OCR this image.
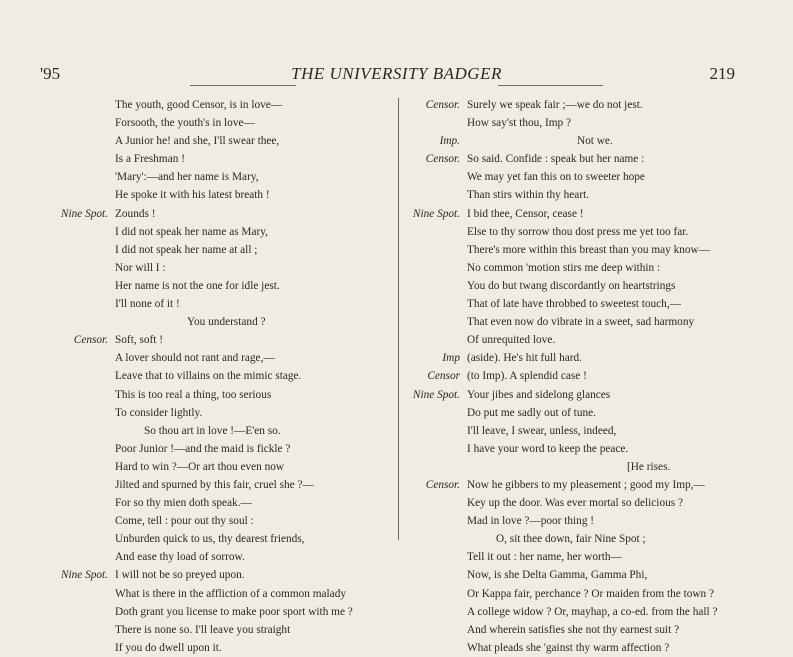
'95	THE UNIVERSITY BADGER	219
The youth, good Censor, is in love—
Forsooth, the youth's in love—
A Junior he! and she, I'll swear thee,
Is a Freshman !
'Mary':—and her name is Mary,
He spoke it with his latest breath !
Nine Spot. Zounds !
I did not speak her name as Mary,
I did not speak her name at all ;
Nor will I :
Her name is not the one for idle jest.
I'll none of it !
You understand ?
Censor. Soft, soft !
A lover should not rant and rage,—
Leave that to villains on the mimic stage.
This is too real a thing, too serious
To consider lightly.
So thou art in love !—E'en so.
Poor Junior !—and the maid is fickle ?
Hard to win ?—Or art thou even now
Jilted and spurned by this fair, cruel she ?—
For so thy mien doth speak.—
Come, tell : pour out thy soul :
Unburden quick to us, thy dearest friends,
And ease thy load of sorrow.
Nine Spot. I will not be so preyed upon.
What is there in the affliction of a common malady
Doth grant you license to make poor sport with me ?
There is none so. I'll leave you straight
If you do dwell upon it.
Censor. Surely we speak fair ;—we do not jest.
How say'st thou, Imp ?
Imp.	Not we.
Censor. So said. Confide : speak but her name :
We may yet fan this on to sweeter hope
Than stirs within thy heart.
Nine Spot. I bid thee, Censor, cease !
Else to thy sorrow thou dost press me yet too far.
There's more within this breast than you may know—
No common 'motion stirs me deep within :
You do but twang discordantly on heartstrings
That of late have throbbed to sweetest touch,—
That even now do vibrate in a sweet, sad harmony
Of unrequited love.
Imp (aside). He's hit full hard.
Censor (to Imp). A splendid case !
Nine Spot. Your jibes and sidelong glances
Do put me sadly out of tune.
I'll leave, I swear, unless, indeed,
I have your word to keep the peace.
[He rises.
Censor. Now he gibbers to my pleasement ; good my Imp,—
Key up the door. Was ever mortal so delicious ?
Mad in love ?—poor thing !
O, sit thee down, fair Nine Spot ;
Tell it out : her name, her worth—
Now, is she Delta Gamma, Gamma Phi,
Or Kappa fair, perchance ? Or maiden from the town ?
A college widow ? Or, mayhap, a co-ed. from the hall ?
And wherein satisfies she not thy earnest suit ?
What pleads she 'gainst thy warm affection ?
